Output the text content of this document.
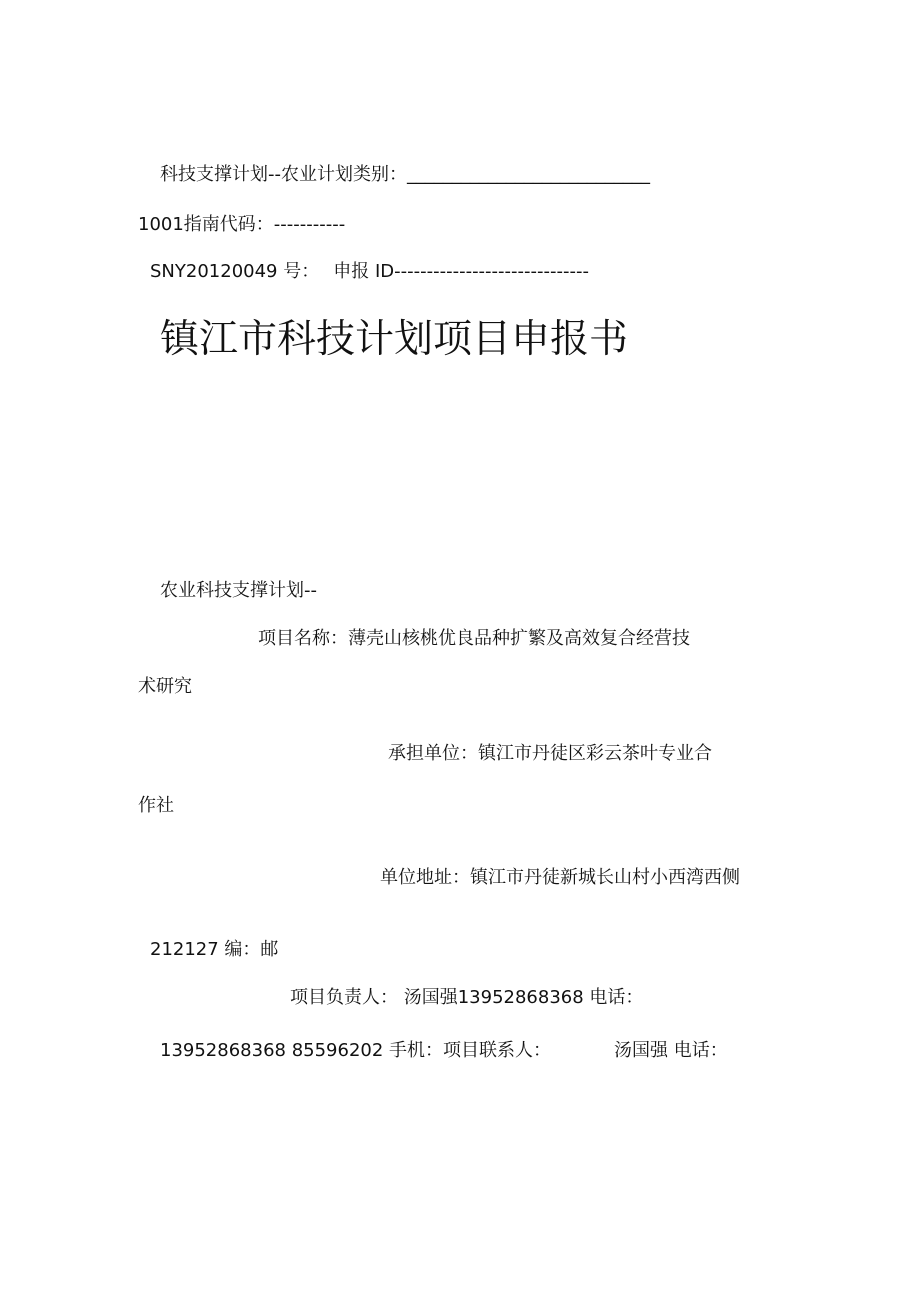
科技支撑计划--农业计划类别：___________________________
1001指南代码：-----------
SNY20120049 号： 申报 ID------------------------------
镇江市科技计划项目申报书
农业科技支撑计划--
项目名称：薄壳山核桃优良品种扩繁及高效复合经营技
术研究
承担单位：镇江市丹徒区彩云茶叶专业合
作社
单位地址：镇江市丹徒新城长山村小西湾西侧
212127 编：邮
项目负责人： 汤国强13952868368 电话：
13952868368 85596202 手机：项目联系人：	汤国强 电话：
